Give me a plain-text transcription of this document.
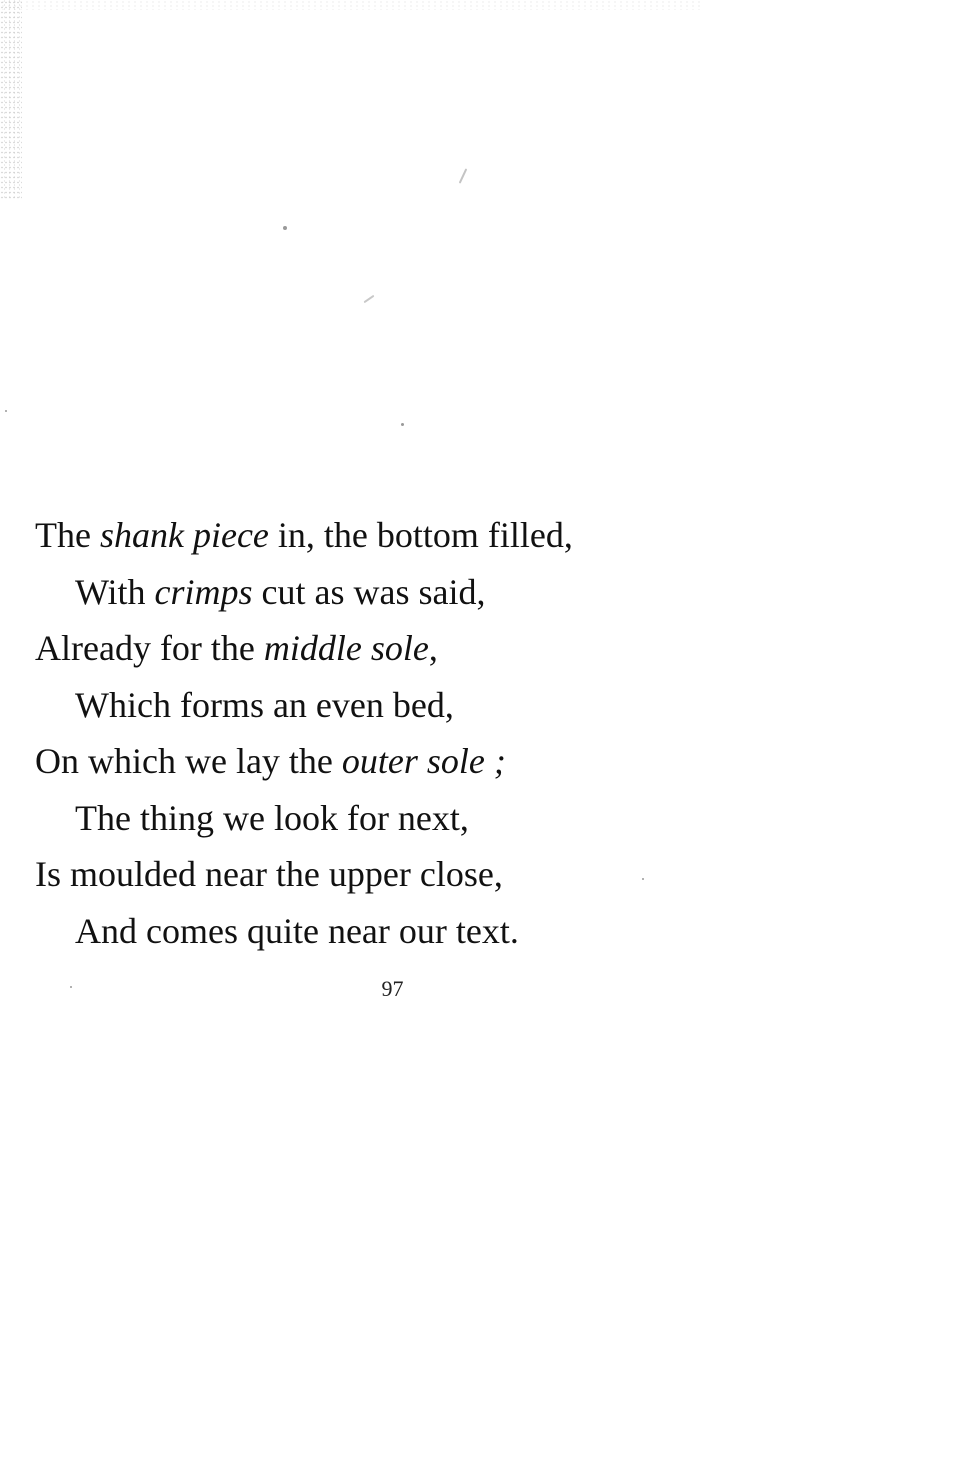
The shank piece in, the bottom filled,
With crimps cut as was said,
Already for the middle sole,
Which forms an even bed,
On which we lay the outer sole ;
The thing we look for next,
Is moulded near the upper close,
And comes quite near our text.
97
